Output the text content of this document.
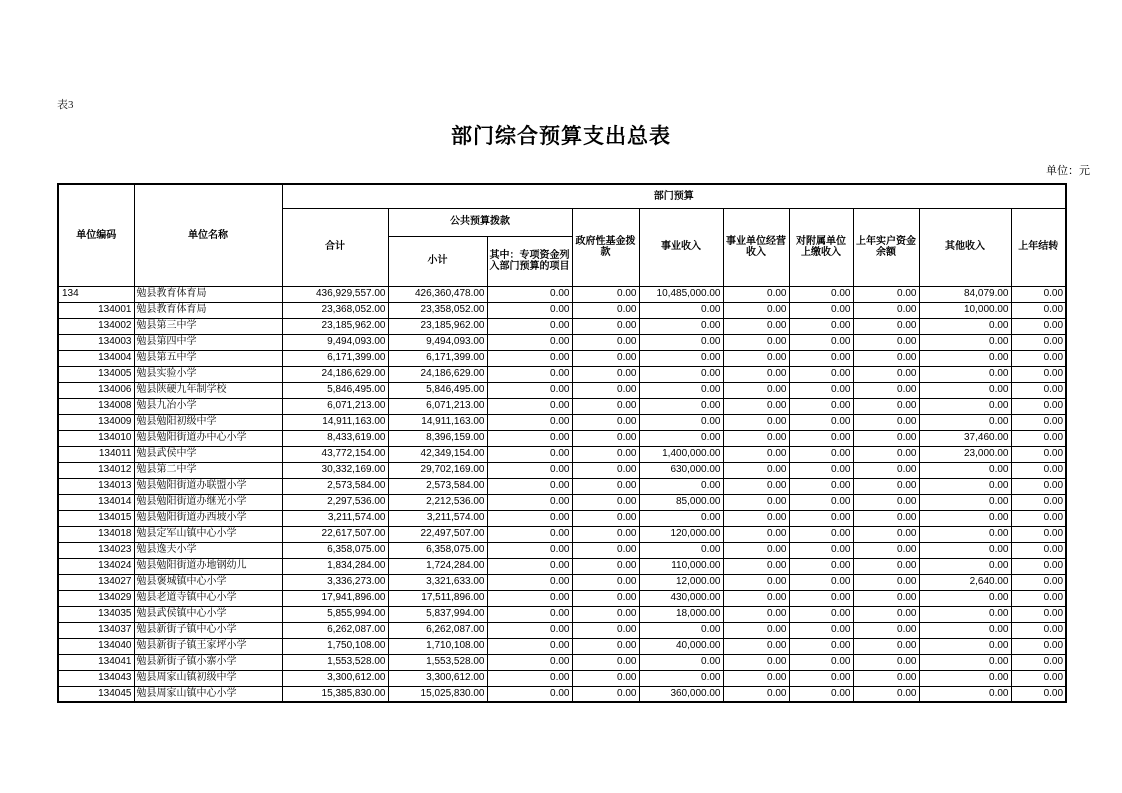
表3
部门综合预算支出总表
单位：元
单位编码	单位名称	部门预算									
		合计	公共预算拨款		政府性基金拨款	事业收入	事业单位经营收入	对附属单位上缴收入	上年实户资金余额	其他收入	上年结转
			小计	其中：专项资金列入部门预算的项目							
134	勉县教育体育局	436,929,557.00	426,360,478.00	0.00	0.00	10,485,000.00	0.00	0.00	0.00	84,079.00	0.00
134001	勉县教育体育局	23,368,052.00	23,358,052.00	0.00	0.00	0.00	0.00	0.00	0.00	10,000.00	0.00
134002	勉县第三中学	23,185,962.00	23,185,962.00	0.00	0.00	0.00	0.00	0.00	0.00	0.00	0.00
134003	勉县第四中学	9,494,093.00	9,494,093.00	0.00	0.00	0.00	0.00	0.00	0.00	0.00	0.00
134004	勉县第五中学	6,171,399.00	6,171,399.00	0.00	0.00	0.00	0.00	0.00	0.00	0.00	0.00
134005	勉县实验小学	24,186,629.00	24,186,629.00	0.00	0.00	0.00	0.00	0.00	0.00	0.00	0.00
134006	勉县陕硬九年制学校	5,846,495.00	5,846,495.00	0.00	0.00	0.00	0.00	0.00	0.00	0.00	0.00
134008	勉县九冶小学	6,071,213.00	6,071,213.00	0.00	0.00	0.00	0.00	0.00	0.00	0.00	0.00
134009	勉县勉阳初级中学	14,911,163.00	14,911,163.00	0.00	0.00	0.00	0.00	0.00	0.00	0.00	0.00
134010	勉县勉阳街道办中心小学	8,433,619.00	8,396,159.00	0.00	0.00	0.00	0.00	0.00	0.00	37,460.00	0.00
134011	勉县武侯中学	43,772,154.00	42,349,154.00	0.00	0.00	1,400,000.00	0.00	0.00	0.00	23,000.00	0.00
134012	勉县第二中学	30,332,169.00	29,702,169.00	0.00	0.00	630,000.00	0.00	0.00	0.00	0.00	0.00
134013	勉县勉阳街道办联盟小学	2,573,584.00	2,573,584.00	0.00	0.00	0.00	0.00	0.00	0.00	0.00	0.00
134014	勉县勉阳街道办继光小学	2,297,536.00	2,212,536.00	0.00	0.00	85,000.00	0.00	0.00	0.00	0.00	0.00
134015	勉县勉阳街道办西坡小学	3,211,574.00	3,211,574.00	0.00	0.00	0.00	0.00	0.00	0.00	0.00	0.00
134018	勉县定军山镇中心小学	22,617,507.00	22,497,507.00	0.00	0.00	120,000.00	0.00	0.00	0.00	0.00	0.00
134023	勉县逸夫小学	6,358,075.00	6,358,075.00	0.00	0.00	0.00	0.00	0.00	0.00	0.00	0.00
134024	勉县勉阳街道办地钢幼儿	1,834,284.00	1,724,284.00	0.00	0.00	110,000.00	0.00	0.00	0.00	0.00	0.00
134027	勉县褒城镇中心小学	3,336,273.00	3,321,633.00	0.00	0.00	12,000.00	0.00	0.00	0.00	2,640.00	0.00
134029	勉县老道寺镇中心小学	17,941,896.00	17,511,896.00	0.00	0.00	430,000.00	0.00	0.00	0.00	0.00	0.00
134035	勉县武侯镇中心小学	5,855,994.00	5,837,994.00	0.00	0.00	18,000.00	0.00	0.00	0.00	0.00	0.00
134037	勉县新街子镇中心小学	6,262,087.00	6,262,087.00	0.00	0.00	0.00	0.00	0.00	0.00	0.00	0.00
134040	勉县新街子镇王家坪小学	1,750,108.00	1,710,108.00	0.00	0.00	40,000.00	0.00	0.00	0.00	0.00	0.00
134041	勉县新街子镇小寨小学	1,553,528.00	1,553,528.00	0.00	0.00	0.00	0.00	0.00	0.00	0.00	0.00
134043	勉县周家山镇初级中学	3,300,612.00	3,300,612.00	0.00	0.00	0.00	0.00	0.00	0.00	0.00	0.00
134045	勉县周家山镇中心小学	15,385,830.00	15,025,830.00	0.00	0.00	360,000.00	0.00	0.00	0.00	0.00	0.00
